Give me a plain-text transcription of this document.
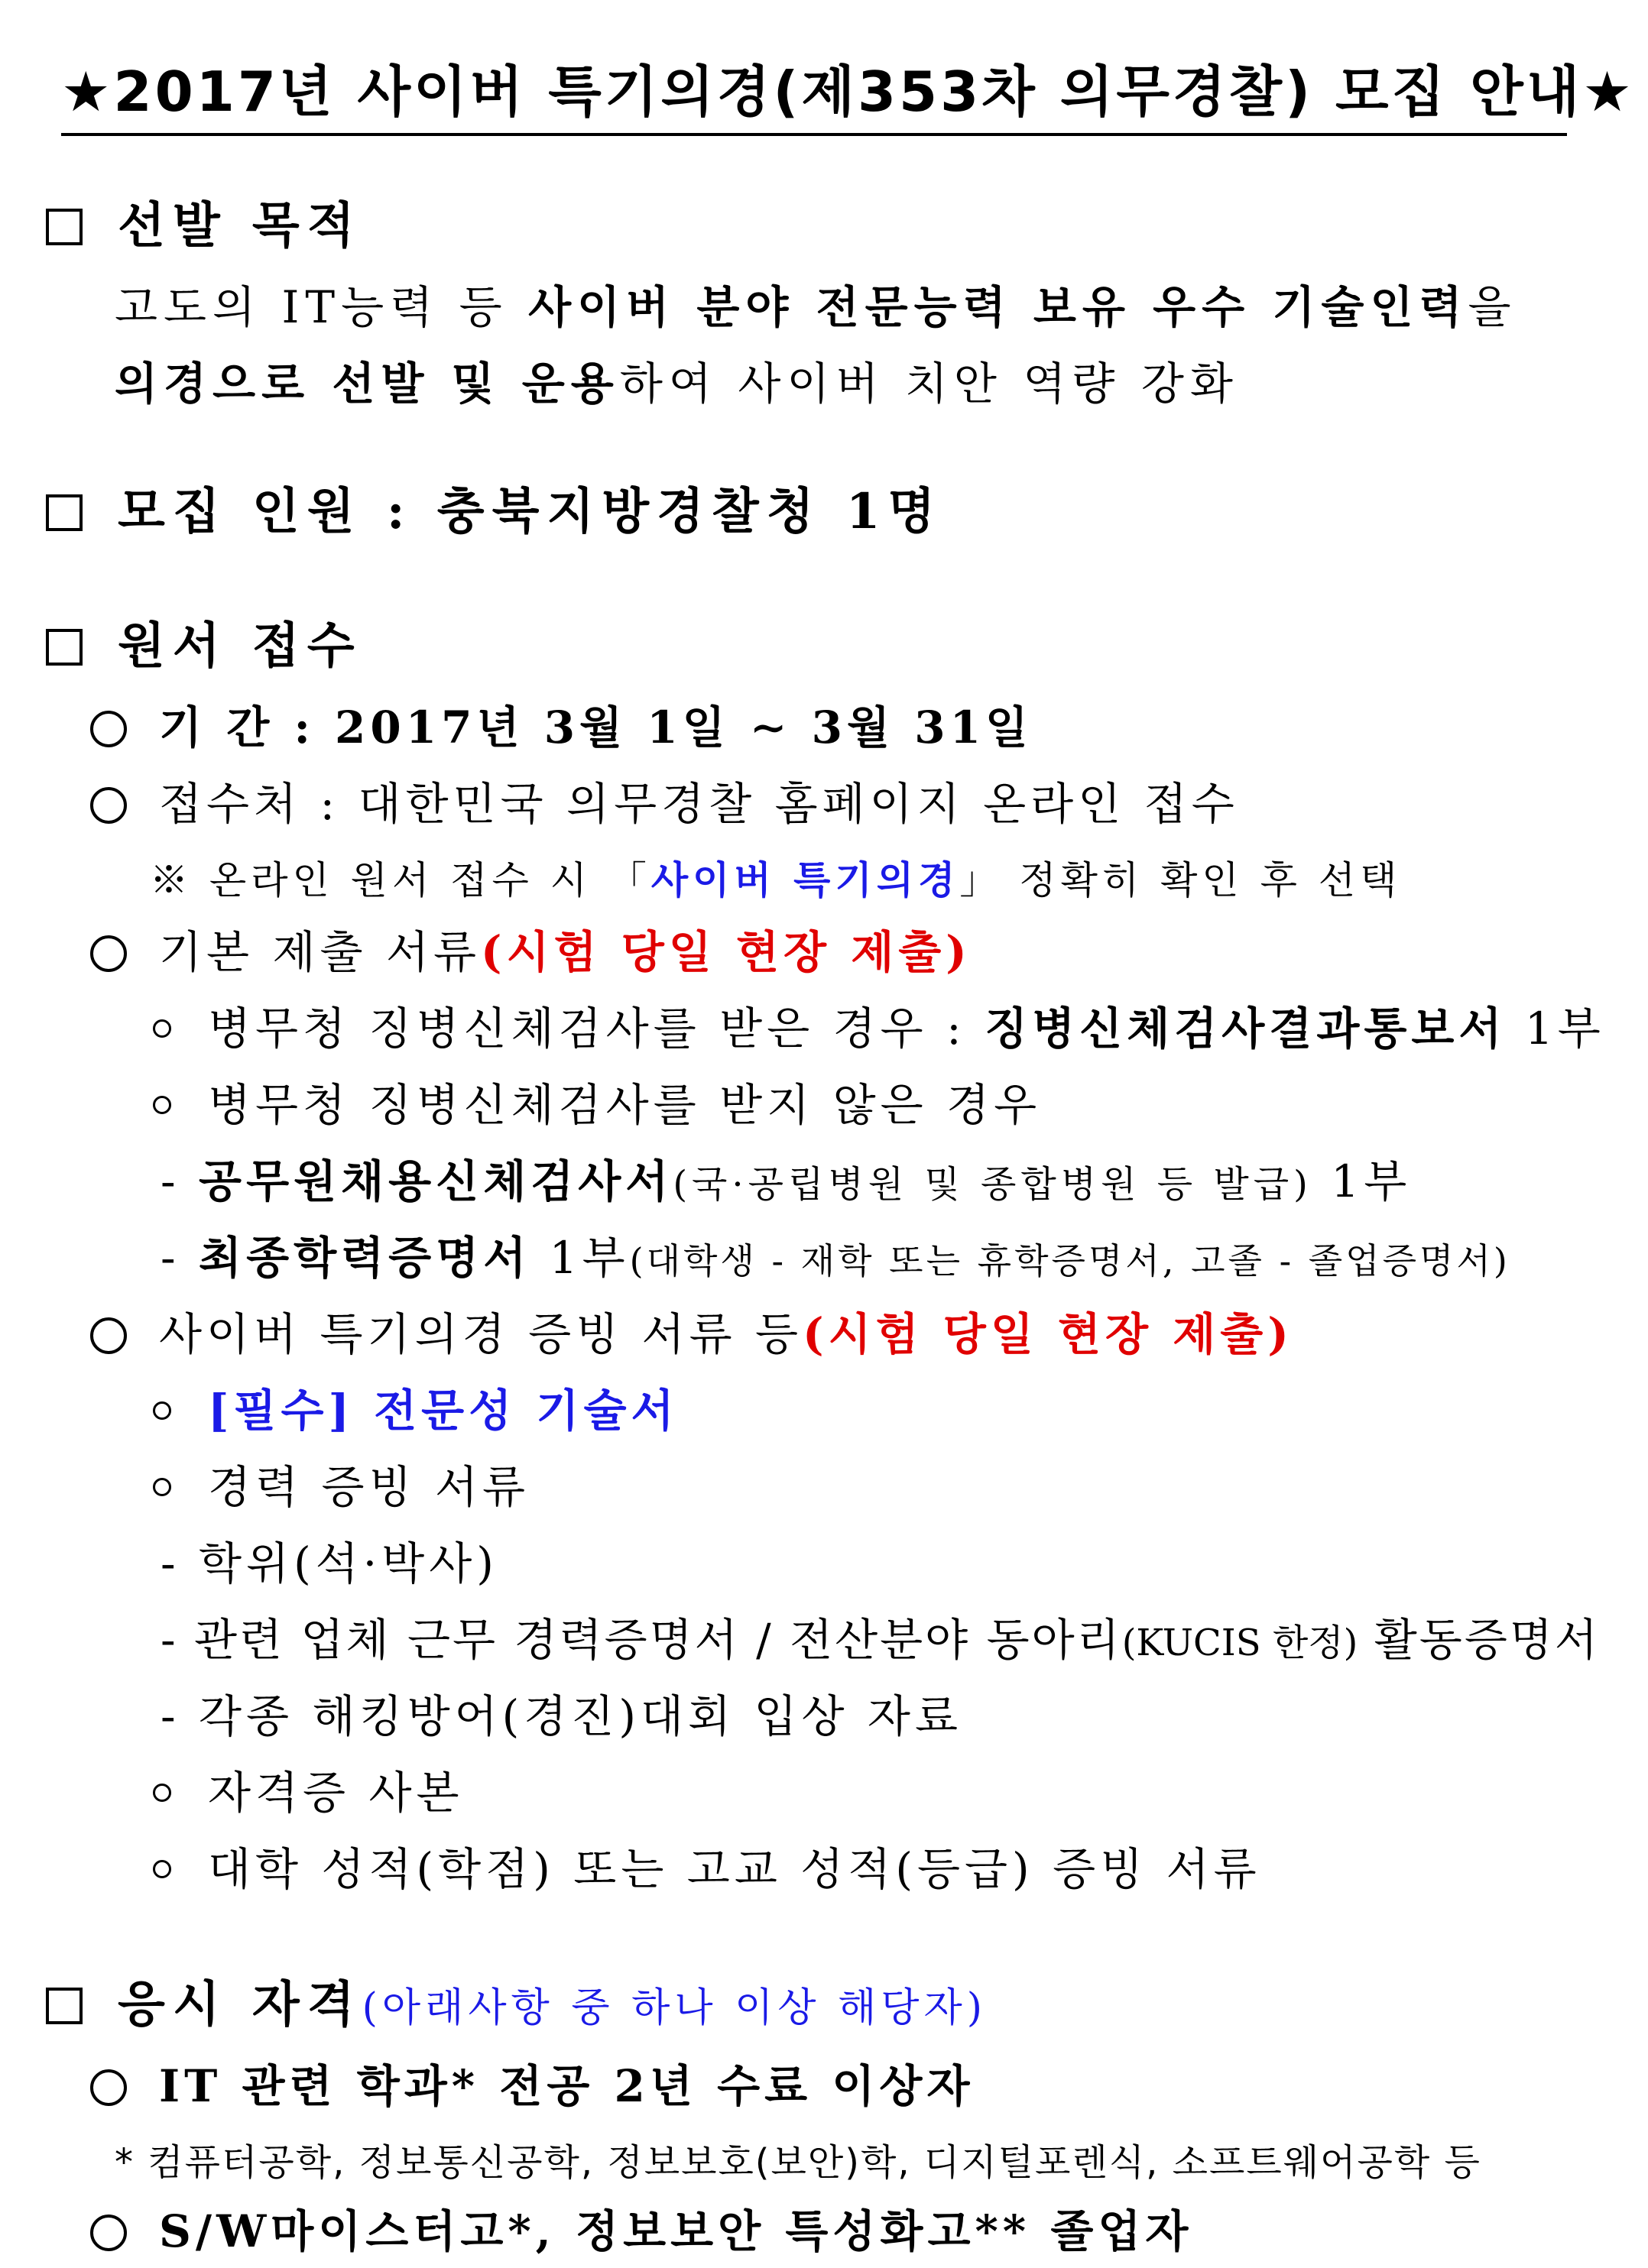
★2017년 사이버 특기의경(제353차 의무경찰) 모집 안내★
선발 목적
고도의 IT능력 등 사이버 분야 전문능력 보유 우수 기술인력을
의경으로 선발 및 운용하여 사이버 치안 역량 강화
모집 인원 : 충북지방경찰청 1명
원서 접수
기 간 : 2017년 3월 1일 ∼ 3월 31일
접수처 : 대한민국 의무경찰 홈페이지 온라인 접수
※ 온라인 원서 접수 시 「사이버 특기의경」 정확히 확인 후 선택
기본 제출 서류(시험 당일 현장 제출)
병무청 징병신체검사를 받은 경우 : 징병신체검사결과통보서 1부
병무청 징병신체검사를 받지 않은 경우
- 공무원채용신체검사서(국·공립병원 및 종합병원 등 발급) 1부
- 최종학력증명서 1부(대학생 - 재학 또는 휴학증명서, 고졸 - 졸업증명서)
사이버 특기의경 증빙 서류 등(시험 당일 현장 제출)
[필수] 전문성 기술서
경력 증빙 서류
- 학위(석·박사)
- 관련 업체 근무 경력증명서 / 전산분야 동아리(KUCIS 한정) 활동증명서
- 각종 해킹방어(경진)대회 입상 자료
자격증 사본
대학 성적(학점) 또는 고교 성적(등급) 증빙 서류
응시 자격(아래사항 중 하나 이상 해당자)
IT 관련 학과* 전공 2년 수료 이상자
* 컴퓨터공학, 정보통신공학, 정보보호(보안)학, 디지털포렌식, 소프트웨어공학 등
S/W마이스터고*, 정보보안 특성화고** 졸업자
